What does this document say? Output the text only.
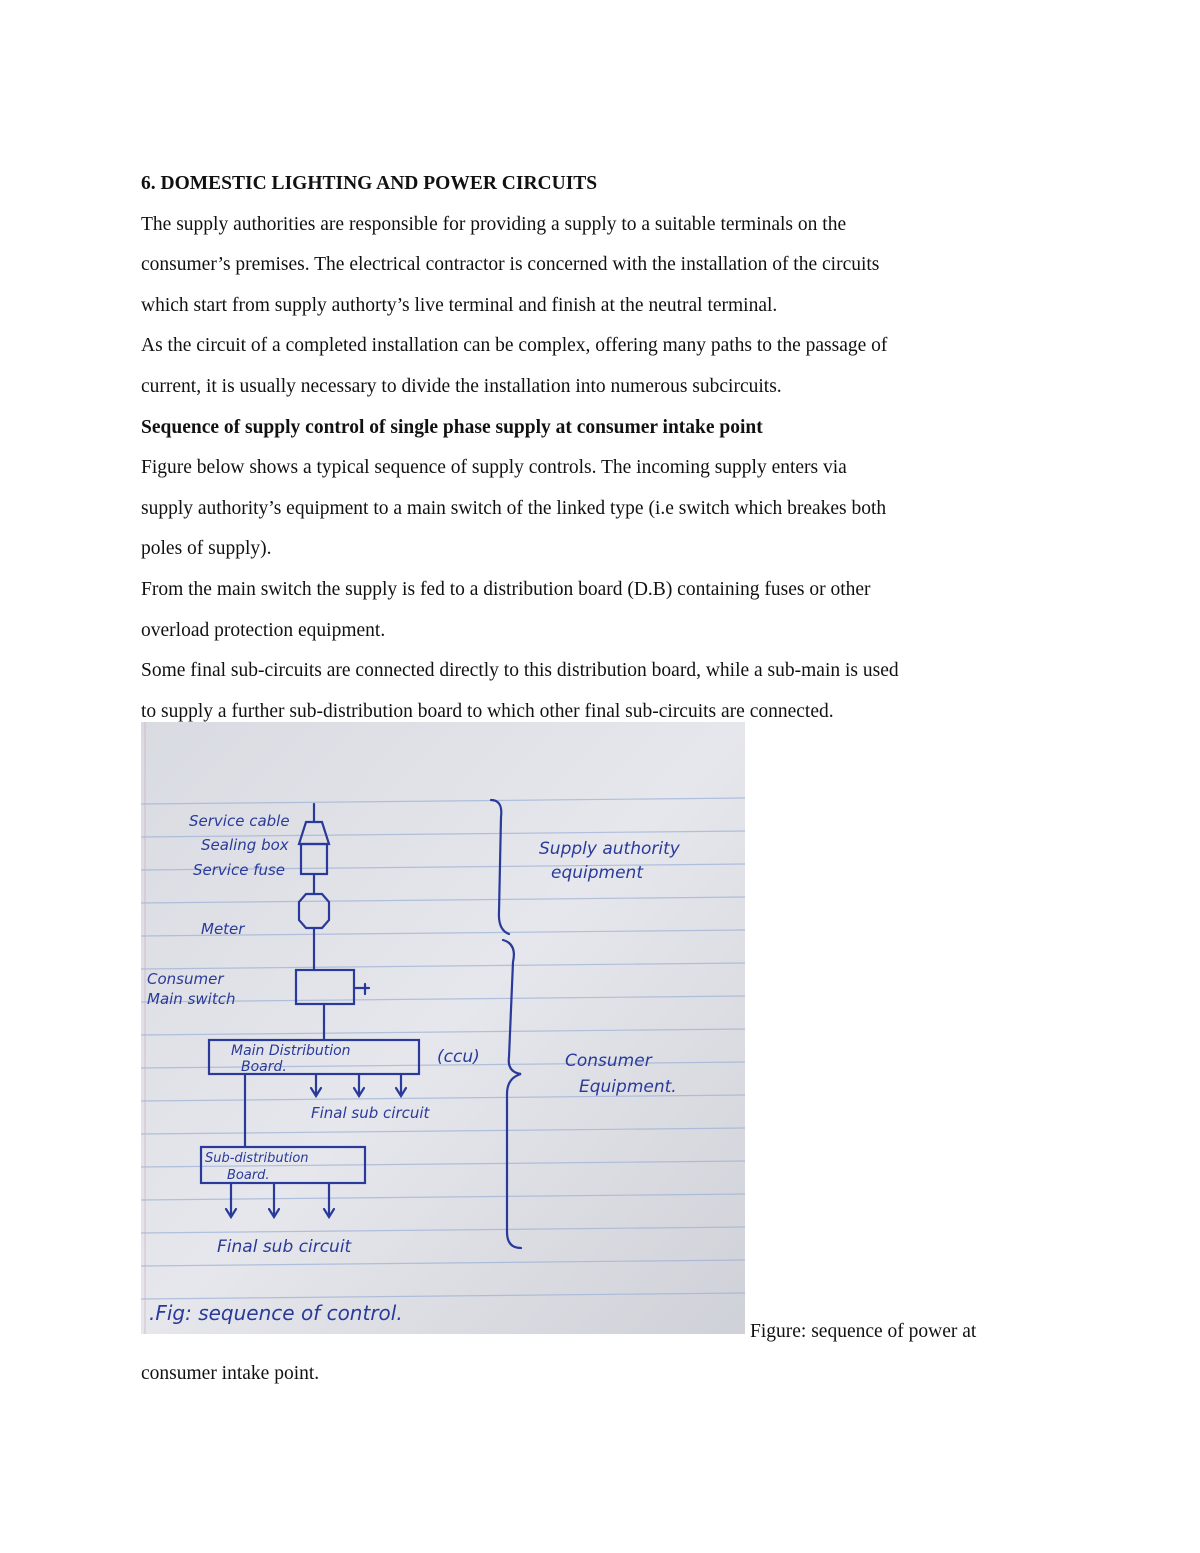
6. DOMESTIC LIGHTING AND POWER CIRCUITS

The supply authorities are responsible for providing a supply to a suitable terminals on the

consumer’s premises. The electrical contractor is concerned with the installation of the circuits

which start from supply authorty’s live terminal and finish at the neutral terminal.

As the circuit of a completed installation can be complex, offering many paths to the passage of

current, it is usually necessary to divide the installation into numerous subcircuits.

Sequence of supply control of single phase supply at consumer intake point

Figure below shows a typical sequence of supply controls. The incoming supply enters via

supply authority’s equipment to a main switch of the linked type (i.e switch which breakes both

poles of supply).

From the main switch the supply is fed to a distribution board (D.B) containing fuses or other

overload protection equipment.

Some final sub-circuits are connected directly to this distribution board, while a sub-main is used

to supply a further sub-distribution board to which other final sub-circuits are connected.

Service cable
Sealing box
Service fuse
Meter
Consumer
Main switch
Main Distribution
Board.	(ccu)
Final sub circuit
Sub-distribution
Board.
Final sub circuit
Supply authority
equipment
Consumer
Equipment.
.Fig: sequence of control.
Figure: sequence of power at
consumer intake point.
